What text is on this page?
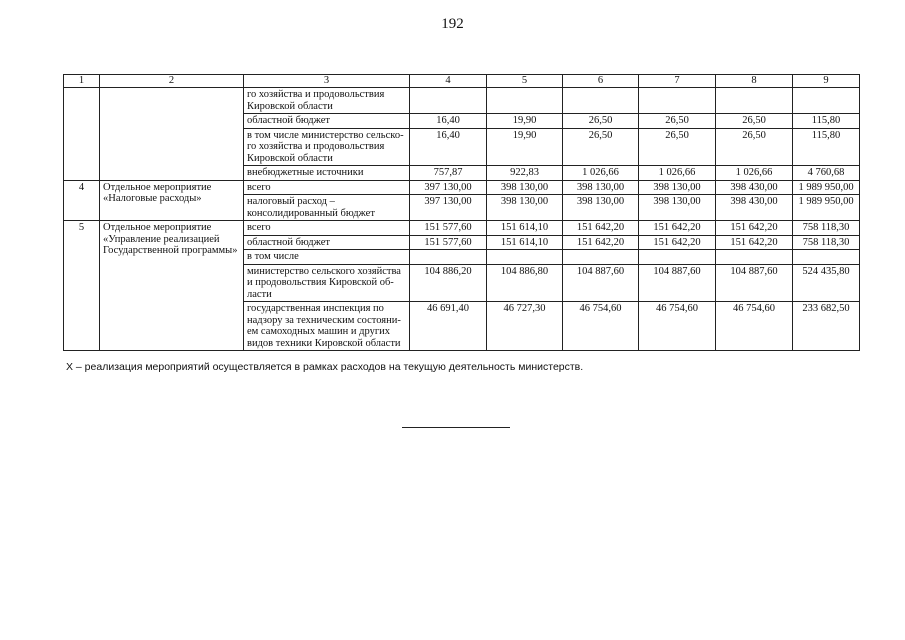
192
1	2	3	4	5	6	7	8	9
		го хозяйства и продовольствия Кировской области						
		областной бюджет	16,40	19,90	26,50	26,50	26,50	115,80
		в том числе министерство сельско-го хозяйства и продовольствия Кировской области	16,40	19,90	26,50	26,50	26,50	115,80
		внебюджетные источники	757,87	922,83	1 026,66	1 026,66	1 026,66	4 760,68
4	Отдельное мероприятие «Налоговые расходы»	всего	397 130,00	398 130,00	398 130,00	398 130,00	398 430,00	1 989 950,00
		налоговый расход – консолидированный бюджет	397 130,00	398 130,00	398 130,00	398 130,00	398 430,00	1 989 950,00
5	Отдельное мероприятие «Управление реализацией Государственной программы»	всего	151 577,60	151 614,10	151 642,20	151 642,20	151 642,20	758 118,30
		областной бюджет	151 577,60	151 614,10	151 642,20	151 642,20	151 642,20	758 118,30
		в том числе						
		министерство сельского хозяйства и продовольствия Кировской об-ласти	104 886,20	104 886,80	104 887,60	104 887,60	104 887,60	524 435,80
		государственная инспекция по надзору за техническим состояни-ем самоходных машин и других видов техники Кировской области	46 691,40	46 727,30	46 754,60	46 754,60	46 754,60	233 682,50
Х – реализация мероприятий осуществляется в рамках расходов на текущую деятельность министерств.
